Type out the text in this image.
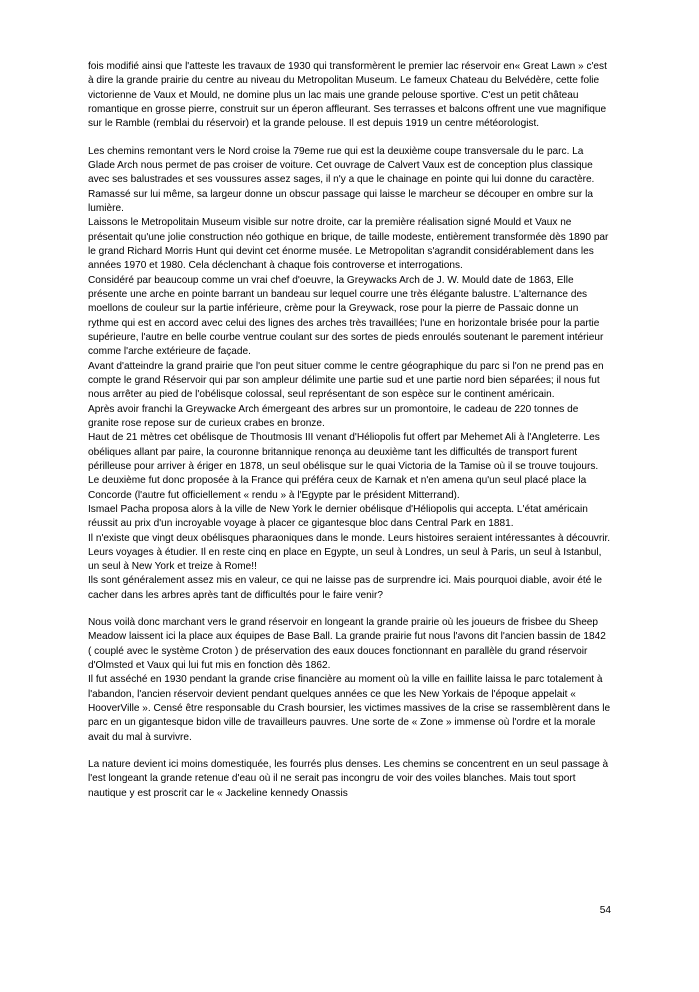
fois modifié ainsi que l'atteste les travaux de 1930 qui transformèrent le premier lac réservoir en« Great Lawn » c'est à dire la grande prairie du centre au niveau du Metropolitan Museum. Le fameux Chateau du Belvédère, cette folie victorienne de Vaux et Mould, ne domine plus un lac mais une grande pelouse sportive. C'est un petit château romantique en grosse pierre, construit sur un éperon affleurant. Ses terrasses et balcons offrent une vue magnifique sur le Ramble (remblai du réservoir) et la grande pelouse. Il est depuis 1919 un centre météorologist.

Les chemins remontant vers le Nord croise la 79eme rue qui est la deuxième coupe transversale du le parc. La Glade Arch nous permet de pas croiser de voiture. Cet ouvrage de Calvert Vaux est de conception plus classique avec ses balustrades et ses voussures assez sages, il n'y a que le chainage en pointe qui lui donne du caractère. Ramassé sur lui même, sa largeur donne un obscur passage qui laisse le marcheur se découper en ombre sur la lumière.

Laissons le Metropolitain Museum visible sur notre droite, car la première réalisation signé Mould et Vaux ne présentait qu'une jolie construction néo gothique en brique, de taille modeste, entièrement transformée dès 1890 par le grand Richard Morris Hunt qui devint cet énorme musée. Le Metropolitan s'agrandit considérablement dans les années 1970 et 1980. Cela déclenchant à chaque fois controverse et interrogations.

Considéré par beaucoup comme un vrai chef d'oeuvre, la Greywacks Arch de J. W. Mould date de 1863, Elle présente une arche en pointe barrant un bandeau sur lequel courre une très élégante balustre. L'alternance des moellons de couleur sur la partie inférieure, crème pour la Greywack, rose pour la pierre de Passaic donne un rythme qui est en accord avec celui des lignes des arches très travaillées; l'une en horizontale brisée pour la partie supérieure, l'autre en belle courbe ventrue coulant sur des sortes de pieds enroulés soutenant le parement intérieur comme l'arche extérieure de façade.

Avant d'atteindre la grand prairie que l'on peut situer comme le centre géographique du parc si l'on ne prend pas en compte le grand Réservoir qui par son ampleur délimite une partie sud et une partie nord bien séparées; il nous fut nous arrêter au pied de l'obélisque colossal, seul représentant de son espèce sur le continent américain.

Après avoir franchi la Greywacke Arch émergeant des arbres sur un promontoire, le cadeau de 220 tonnes de granite rose repose sur de curieux crabes en bronze.

Haut de 21 mètres cet obélisque de Thoutmosis III venant d'Héliopolis fut offert par Mehemet Ali à l'Angleterre. Les obéliques allant par paire, la couronne britannique renonça au deuxième tant les difficultés de transport furent périlleuse pour arriver à ériger en 1878, un seul obélisque sur le quai Victoria de la Tamise où il se trouve toujours. Le deuxième fut donc proposée à la France qui préféra ceux de Karnak et n'en amena qu'un seul placé place la Concorde (l'autre fut officiellement « rendu » à l'Egypte par le président Mitterrand).

Ismael Pacha proposa alors à la ville de New York le dernier obélisque d'Héliopolis qui accepta. L'état américain réussit au prix d'un incroyable voyage à placer ce gigantesque bloc dans Central Park en 1881.

Il n'existe que vingt deux obélisques pharaoniques dans le monde. Leurs histoires seraient intéressantes à découvrir. Leurs voyages à étudier. Il en reste cinq en place en Egypte, un seul à Londres, un seul à Paris, un seul à Istanbul, un seul à New York et treize à Rome!!

Ils sont généralement assez mis en valeur, ce qui ne laisse pas de surprendre ici. Mais pourquoi diable, avoir été le cacher dans les arbres après tant de difficultés pour le faire venir?

Nous voilà donc marchant vers le grand réservoir en longeant la grande prairie où les joueurs de frisbee du Sheep Meadow laissent ici la place aux équipes de Base Ball. La grande prairie fut nous l'avons dit l'ancien bassin de 1842 ( couplé avec le système Croton ) de préservation des eaux douces fonctionnant en parallèle du grand réservoir d'Olmsted et Vaux qui lui fut mis en fonction dès 1862.

Il fut asséché en 1930 pendant la grande crise financière au moment où la ville en faillite laissa le parc totalement à l'abandon, l'ancien réservoir devient pendant quelques années ce que les New Yorkais de l'époque appelait « HooverVille ». Censé être responsable du Crash boursier, les victimes massives de la crise se rassemblèrent dans le parc en un gigantesque bidon ville de travailleurs pauvres. Une sorte de « Zone » immense où l'ordre et la morale avait du mal à survivre.

La nature devient ici moins domestiquée, les fourrés plus denses. Les chemins se concentrent en un seul passage à l'est longeant la grande retenue d'eau où il ne serait pas incongru de voir des voiles blanches. Mais tout sport nautique y est proscrit car le « Jackeline kennedy Onassis

54
